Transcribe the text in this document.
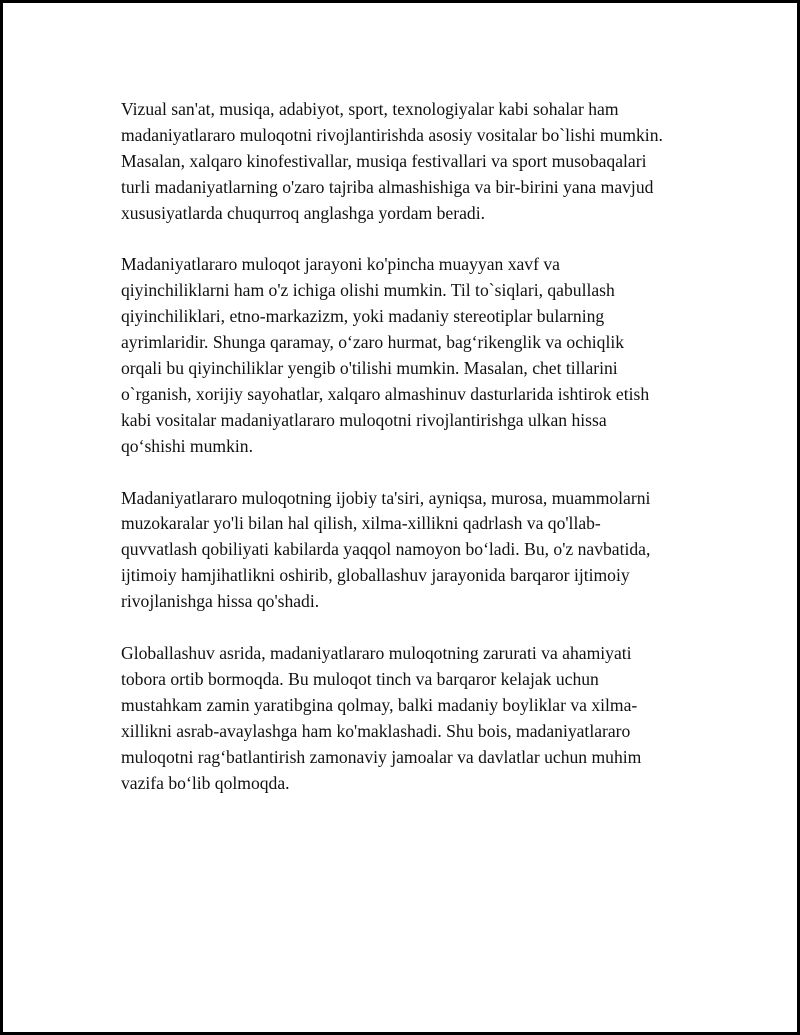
Vizual san'at, musiqa, adabiyot, sport, texnologiyalar kabi sohalar ham
madaniyatlararo muloqotni rivojlantirishda asosiy vositalar bo`lishi mumkin.
Masalan, xalqaro kinofestivallar, musiqa festivallari va sport musobaqalari
turli madaniyatlarning o'zaro tajriba almashishiga va bir-birini yana mavjud
xususiyatlarda chuqurroq anglashga yordam beradi.

Madaniyatlararo muloqot jarayoni ko'pincha muayyan xavf va
qiyinchiliklarni ham o'z ichiga olishi mumkin. Til to`siqlari, qabullash
qiyinchiliklari, etno-markazizm, yoki madaniy stereotiplar bularning
ayrimlaridir. Shunga qaramay, o‘zaro hurmat, bag‘rikenglik va ochiqlik
orqali bu qiyinchiliklar yengib o'tilishi mumkin. Masalan, chet tillarini
o`rganish, xorijiy sayohatlar, xalqaro almashinuv dasturlarida ishtirok etish
kabi vositalar madaniyatlararo muloqotni rivojlantirishga ulkan hissa
qo‘shishi mumkin.

Madaniyatlararo muloqotning ijobiy ta'siri, ayniqsa, murosa, muammolarni
muzokaralar yo'li bilan hal qilish, xilma-xillikni qadrlash va qo'llab-
quvvatlash qobiliyati kabilarda yaqqol namoyon bo‘ladi. Bu, o'z navbatida,
ijtimoiy hamjihatlikni oshirib, globallashuv jarayonida barqaror ijtimoiy
rivojlanishga hissa qo'shadi.

Globallashuv asrida, madaniyatlararo muloqotning zarurati va ahamiyati
tobora ortib bormoqda. Bu muloqot tinch va barqaror kelajak uchun
mustahkam zamin yaratibgina qolmay, balki madaniy boyliklar va xilma-
xillikni asrab-avaylashga ham ko'maklashadi. Shu bois, madaniyatlararo
muloqotni rag‘batlantirish zamonaviy jamoalar va davlatlar uchun muhim
vazifa bo‘lib qolmoqda.
